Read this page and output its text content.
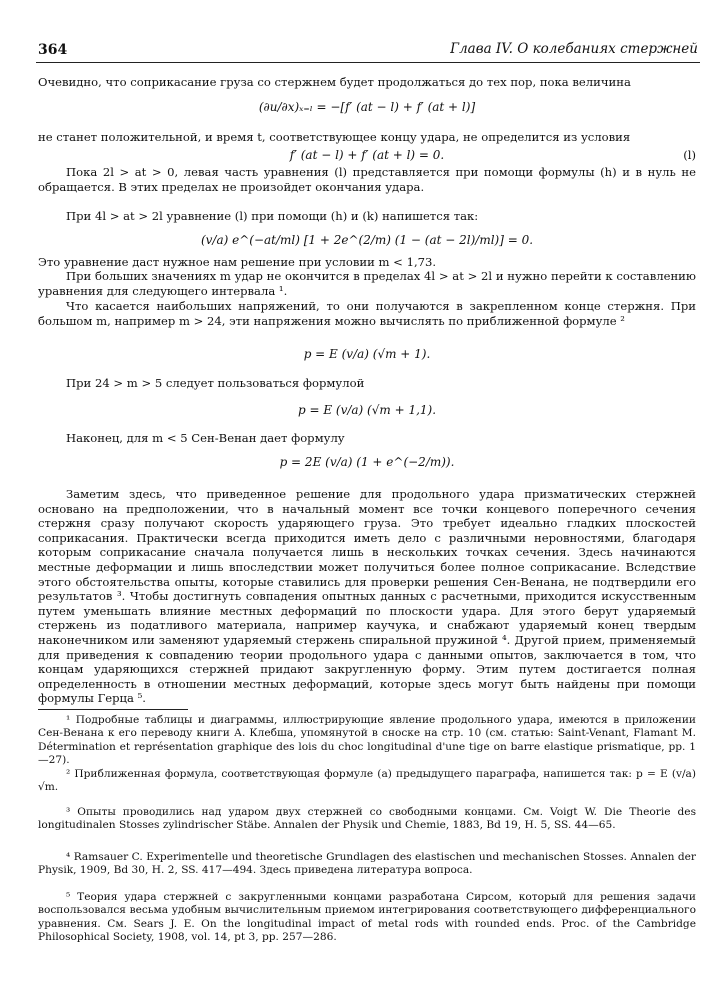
364	Глава IV. О колебаниях стержней

Очевидно, что соприкасание груза со стержнем будет продолжаться до тех пор, пока величина

(∂u/∂x)ₓ₌ₗ = −[f′ (at − l) + f′ (at + l)]

не станет положительной, и время t, соответствующее концу удара, не определится из условия

f′ (at − l) + f′ (at + l) = 0.	(l)

Пока 2l > at > 0, левая часть уравнения (l) представляется при помощи формулы (h) и в нуль не обращается. В этих пределах не произойдет окончания удара.

При 4l > at > 2l уравнение (l) при помощи (h) и (k) напишется так:

(v/a) e^(−at/ml) [1 + 2e^(2/m) (1 − (at − 2l)/ml)] = 0.

Это уравнение даст нужное нам решение при условии m < 1,73.

При больших значениях m удар не окончится в пределах 4l > at > 2l и нужно перейти к составлению уравнения для следующего интервала ¹.

Что касается наибольших напряжений, то они получаются в закрепленном конце стержня. При большом m, например m > 24, эти напряжения можно вычислять по приближенной формуле ²

p = E (v/a) (√m + 1).

При 24 > m > 5 следует пользоваться формулой

p = E (v/a) (√m + 1,1).

Наконец, для m < 5 Сен-Венан дает формулу

p = 2E (v/a) (1 + e^(−2/m)).

Заметим здесь, что приведенное решение для продольного удара призматических стержней основано на предположении, что в начальный момент все точки концевого поперечного сечения стержня сразу получают скорость ударяющего груза. Это требует идеально гладких плоскостей соприкасания. Практически всегда приходится иметь дело с различными неровностями, благодаря которым соприкасание сначала получается лишь в нескольких точках сечения. Здесь начинаются местные деформации и лишь впоследствии может получиться более полное соприкасание. Вследствие этого обстоятельства опыты, которые ставились для проверки решения Сен-Венана, не подтвердили его результатов ³. Чтобы достигнуть совпадения опытных данных с расчетными, приходится искусственным путем уменьшать влияние местных деформаций по плоскости удара. Для этого берут ударяемый стержень из податливого материала, например каучука, и снабжают ударяемый конец твердым наконечником или заменяют ударяемый стержень спиральной пружиной ⁴. Другой прием, применяемый для приведения к совпадению теории продольного удара с данными опытов, заключается в том, что концам ударяющихся стержней придают закругленную форму. Этим путем достигается полная определенность в отношении местных деформаций, которые здесь могут быть найдены при помощи формулы Герца ⁵.

¹ Подробные таблицы и диаграммы, иллюстрирующие явление продольного удара, имеются в приложении Сен-Венана к его переводу книги А. Клебша, упомянутой в сноске на стр. 10 (см. статью: Saint-Venant, Flamant M. Détermination et représentation graphique des lois du choc longitudinal d'une tige on barre elastique prismatique, pp. 1—27).

² Приближенная формула, соответствующая формуле (a) предыдущего параграфа, напишется так: p = E (v/a) √m.

³ Опыты проводились над ударом двух стержней со свободными концами. См. Voigt W. Die Theorie des longitudinalen Stosses zylindrischer Stäbe. Annalen der Physik und Chemie, 1883, Bd 19, H. 5, SS. 44—65.

⁴ Ramsauer C. Experimentelle und theoretische Grundlagen des elastischen und mechanischen Stosses. Annalen der Physik, 1909, Bd 30, H. 2, SS. 417—494. Здесь приведена литература вопроса.

⁵ Теория удара стержней с закругленными концами разработана Сирсом, который для решения задачи воспользовался весьма удобным вычислительным приемом интегрирования соответствующего дифференциального уравнения. См. Sears J. E. On the longitudinal impact of metal rods with rounded ends. Proc. of the Cambridge Philosophical Society, 1908, vol. 14, pt 3, pp. 257—286.
